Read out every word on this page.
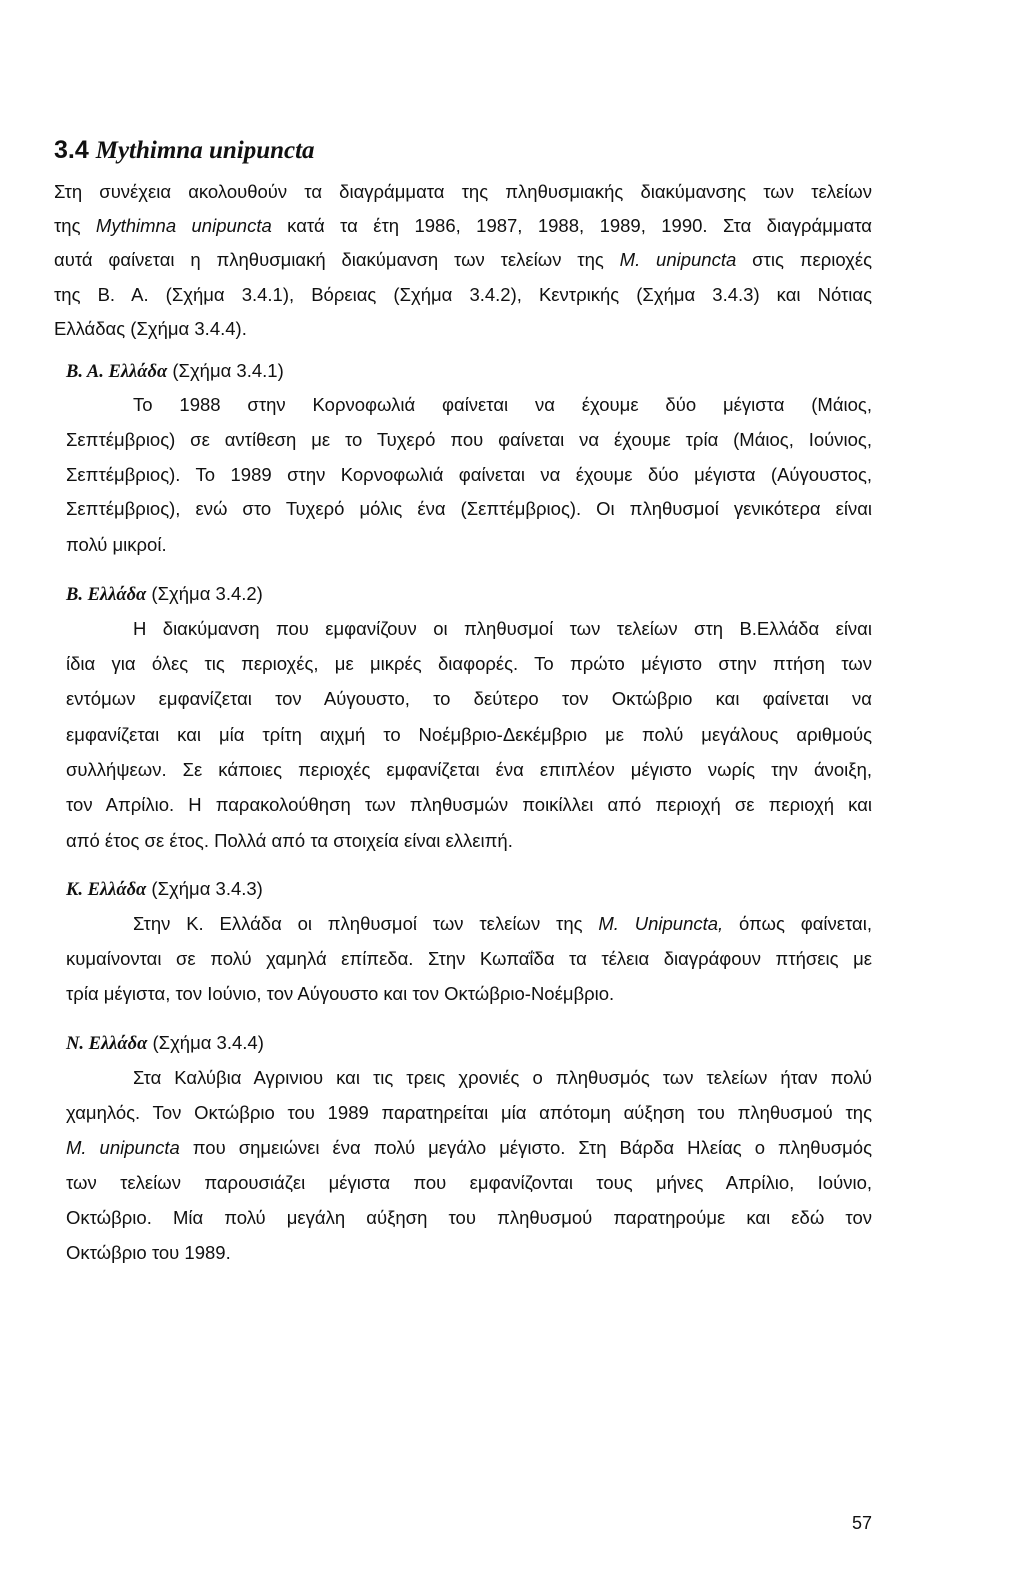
3.4 Mythimna unipuncta
Στη συνέχεια ακολουθούν τα διαγράμματα της πληθυσμιακής διακύμανσης των τελείων
της Mythimna unipuncta κατά τα έτη 1986, 1987, 1988, 1989, 1990. Στα διαγράμματα
αυτά φαίνεται η πληθυσμιακή διακύμανση των τελείων της M. unipuncta στις περιοχές
της Β. Α. (Σχήμα 3.4.1), Βόρειας (Σχήμα 3.4.2), Κεντρικής (Σχήμα 3.4.3) και Νότιας
Ελλάδας (Σχήμα 3.4.4).
Β. Α. Ελλάδα (Σχήμα 3.4.1)
Το 1988 στην Κορνοφωλιά φαίνεται να έχουμε δύο μέγιστα (Μάιος,
Σεπτέμβριος) σε αντίθεση με το Τυχερό που φαίνεται να έχουμε τρία (Μάιος, Ιούνιος,
Σεπτέμβριος). Το 1989 στην Κορνοφωλιά φαίνεται να έχουμε δύο μέγιστα (Αύγουστος,
Σεπτέμβριος), ενώ στο Τυχερό μόλις ένα (Σεπτέμβριος). Οι πληθυσμοί γενικότερα είναι
πολύ μικροί.
Β. Ελλάδα (Σχήμα 3.4.2)
Η διακύμανση που εμφανίζουν οι πληθυσμοί των τελείων στη Β.Ελλάδα είναι
ίδια για όλες τις περιοχές, με μικρές διαφορές. Το πρώτο μέγιστο στην πτήση των
εντόμων εμφανίζεται τον Αύγουστο, το δεύτερο τον Οκτώβριο και φαίνεται να
εμφανίζεται και μία τρίτη αιχμή το Νοέμβριο-Δεκέμβριο με πολύ μεγάλους αριθμούς
συλλήψεων. Σε κάποιες περιοχές εμφανίζεται ένα επιπλέον μέγιστο νωρίς την άνοιξη,
τον Απρίλιο. Η παρακολούθηση των πληθυσμών ποικίλλει από περιοχή σε περιοχή και
από έτος σε έτος. Πολλά από τα στοιχεία είναι ελλειπή.
Κ. Ελλάδα (Σχήμα 3.4.3)
Στην Κ. Ελλάδα οι πληθυσμοί των τελείων της M. Unipuncta, όπως φαίνεται,
κυμαίνονται σε πολύ χαμηλά επίπεδα. Στην Κωπαΐδα τα τέλεια διαγράφουν πτήσεις με
τρία μέγιστα, τον Ιούνιο, τον Αύγουστο και τον Οκτώβριο-Νοέμβριο.
Ν. Ελλάδα (Σχήμα 3.4.4)
Στα Καλύβια Αγρινιου και τις τρεις χρονιές ο πληθυσμός των τελείων ήταν πολύ
χαμηλός. Τον Οκτώβριο του 1989 παρατηρείται μία απότομη αύξηση του πληθυσμού της
M. unipuncta που σημειώνει ένα πολύ μεγάλο μέγιστο. Στη Βάρδα Ηλείας ο πληθυσμός
των τελείων παρουσιάζει μέγιστα που εμφανίζονται τους μήνες Απρίλιο, Ιούνιο,
Οκτώβριο. Μία πολύ μεγάλη αύξηση του πληθυσμού παρατηρούμε και εδώ τον
Οκτώβριο του 1989.
57
